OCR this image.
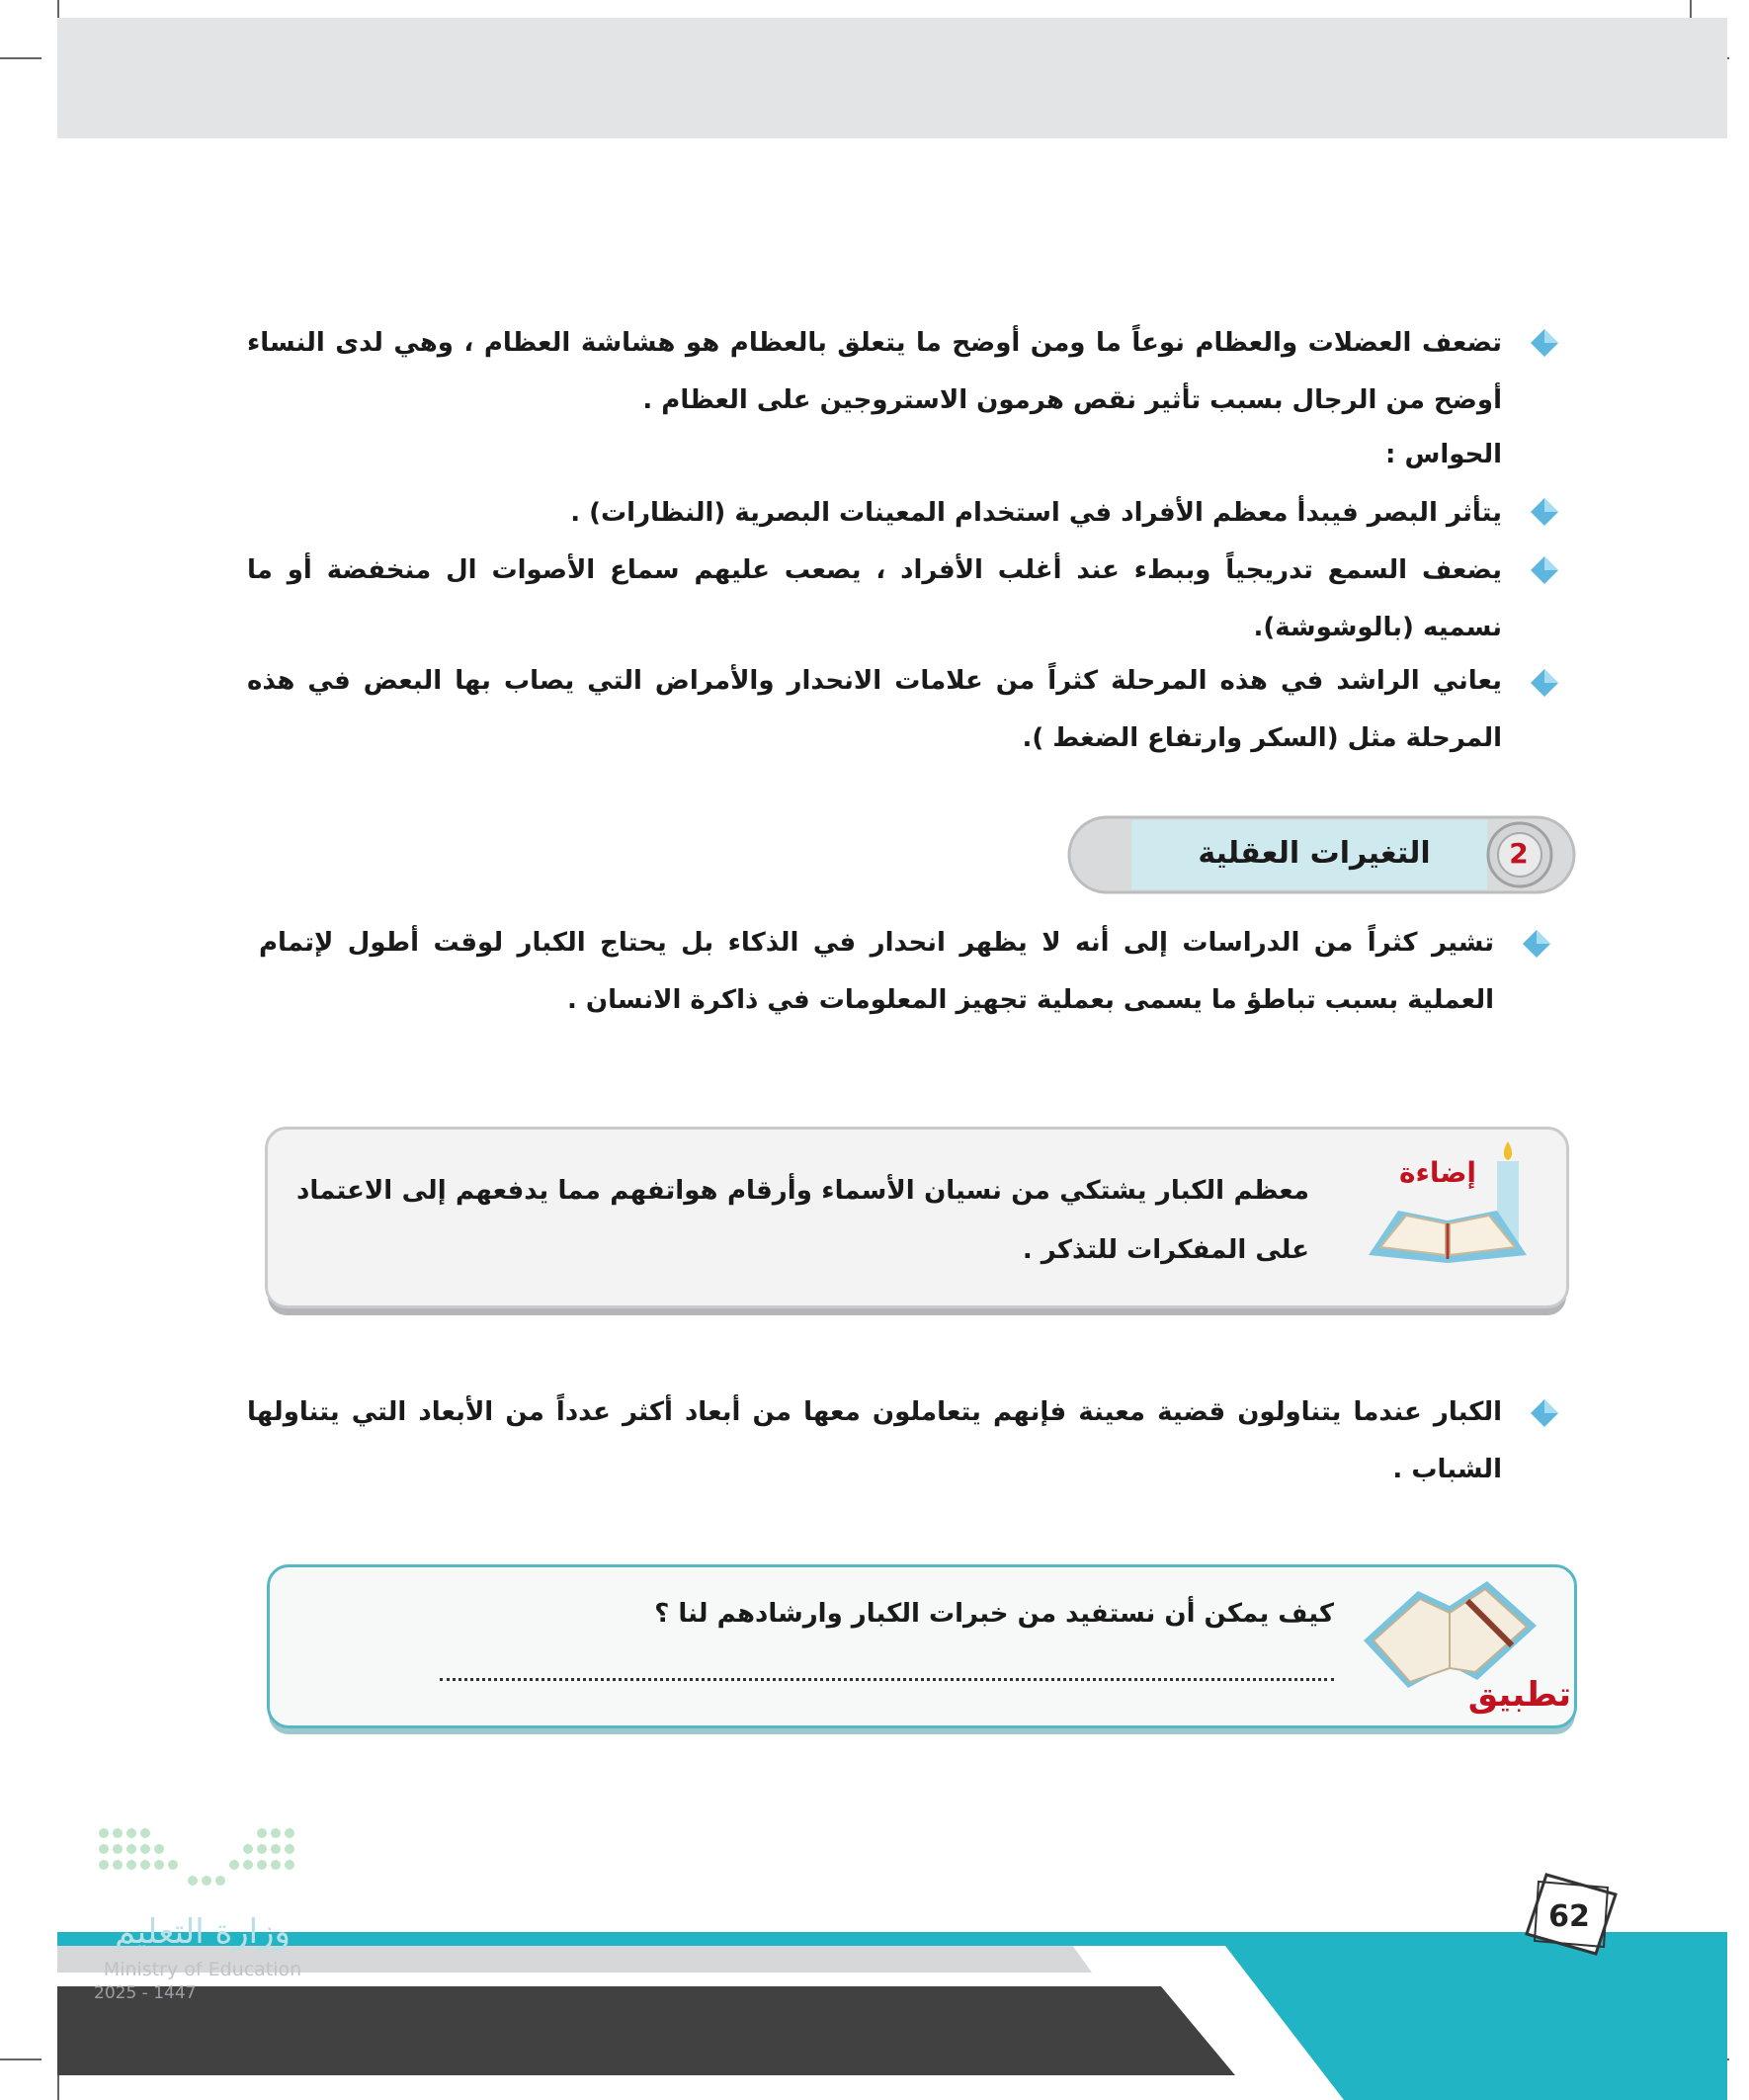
تضعف العضلات والعظام نوعاً ما ومن أوضح ما يتعلق بالعظام هو هشاشة العظام ، وهي لدى النساء أوضح من الرجال بسبب تأثير نقص هرمون الاستروجين على العظام .
الحواس :
يتأثر البصر فيبدأ معظم الأفراد في استخدام المعينات البصرية (النظارات) .
يضعف السمع تدريجياً وببطء عند أغلب الأفراد ، يصعب عليهم سماع الأصوات ال منخفضة أو ما نسميه (بالوشوشة).
يعاني الراشد في هذه المرحلة كثراً من علامات الانحدار والأمراض التي يصاب بها البعض في هذه المرحلة مثل (السكر وارتفاع الضغط ).
التغيرات العقلية	2
تشير كثراً من الدراسات إلى أنه لا يظهر انحدار في الذكاء بل يحتاج الكبار لوقت أطول لإتمام العملية بسبب تباطؤ ما يسمى بعملية تجهيز المعلومات في ذاكرة الانسان .
إضاءة
معظم الكبار يشتكي من نسيان الأسماء وأرقام هواتفهم مما يدفعهم إلى الاعتماد على المفكرات للتذكر .
الكبار عندما يتناولون قضية معينة فإنهم يتعاملون معها من أبعاد أكثر عدداً من الأبعاد التي يتناولها الشباب .
تطبيق
كيف يمكن أن نستفيد من خبرات الكبار وارشادهم لنا ؟
62
وزارة التعليم
Ministry of Education
2025 - 1447
